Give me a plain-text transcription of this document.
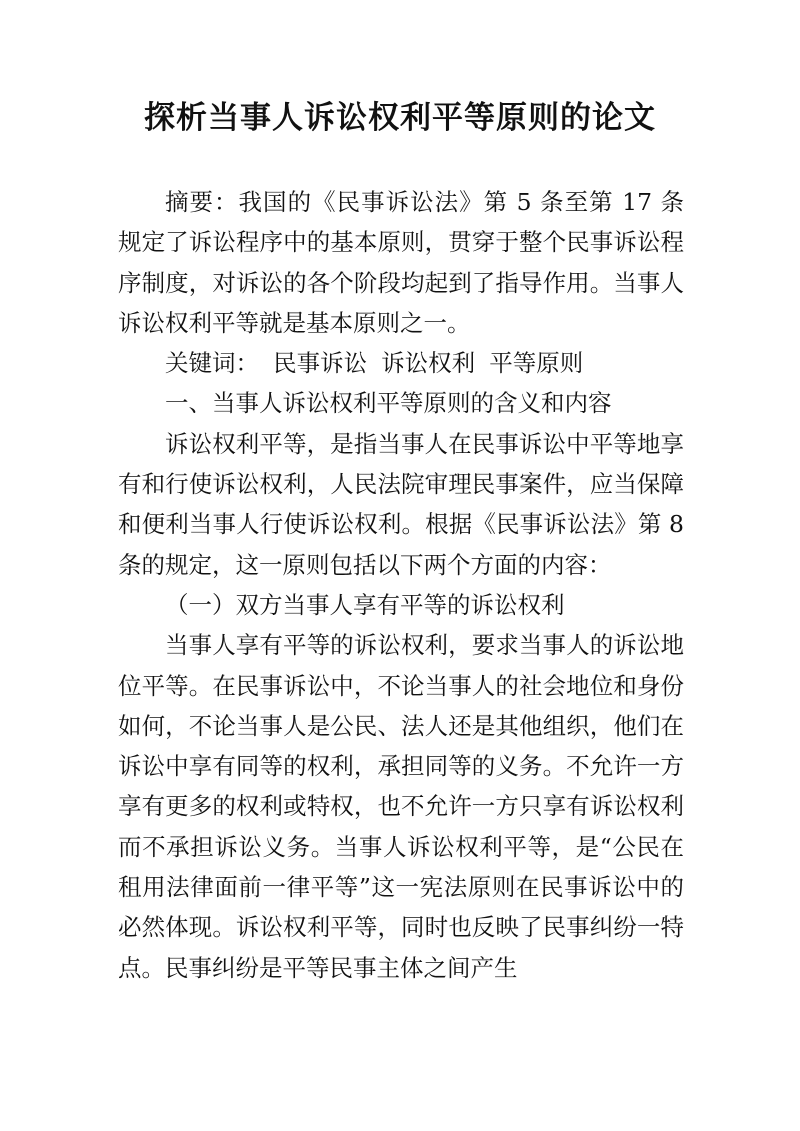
探析当事人诉讼权利平等原则的论文

摘要：我国的《民事诉讼法》第 5 条至第 17 条规定了诉讼程序中的基本原则，贯穿于整个民事诉讼程序制度，对诉讼的各个阶段均起到了指导作用。当事人诉讼权利平等就是基本原则之一。

关键词： 民事诉讼 诉讼权利 平等原则

一、当事人诉讼权利平等原则的含义和内容

诉讼权利平等，是指当事人在民事诉讼中平等地享有和行使诉讼权利，人民法院审理民事案件，应当保障和便利当事人行使诉讼权利。根据《民事诉讼法》第 8 条的规定，这一原则包括以下两个方面的内容：

（一）双方当事人享有平等的诉讼权利

当事人享有平等的诉讼权利，要求当事人的诉讼地位平等。在民事诉讼中，不论当事人的社会地位和身份如何，不论当事人是公民、法人还是其他组织，他们在诉讼中享有同等的权利，承担同等的义务。不允许一方享有更多的权利或特权，也不允许一方只享有诉讼权利而不承担诉讼义务。当事人诉讼权利平等，是“公民在租用法律面前一律平等”这一宪法原则在民事诉讼中的必然体现。诉讼权利平等，同时也反映了民事纠纷一特点。民事纠纷是平等民事主体之间产生
